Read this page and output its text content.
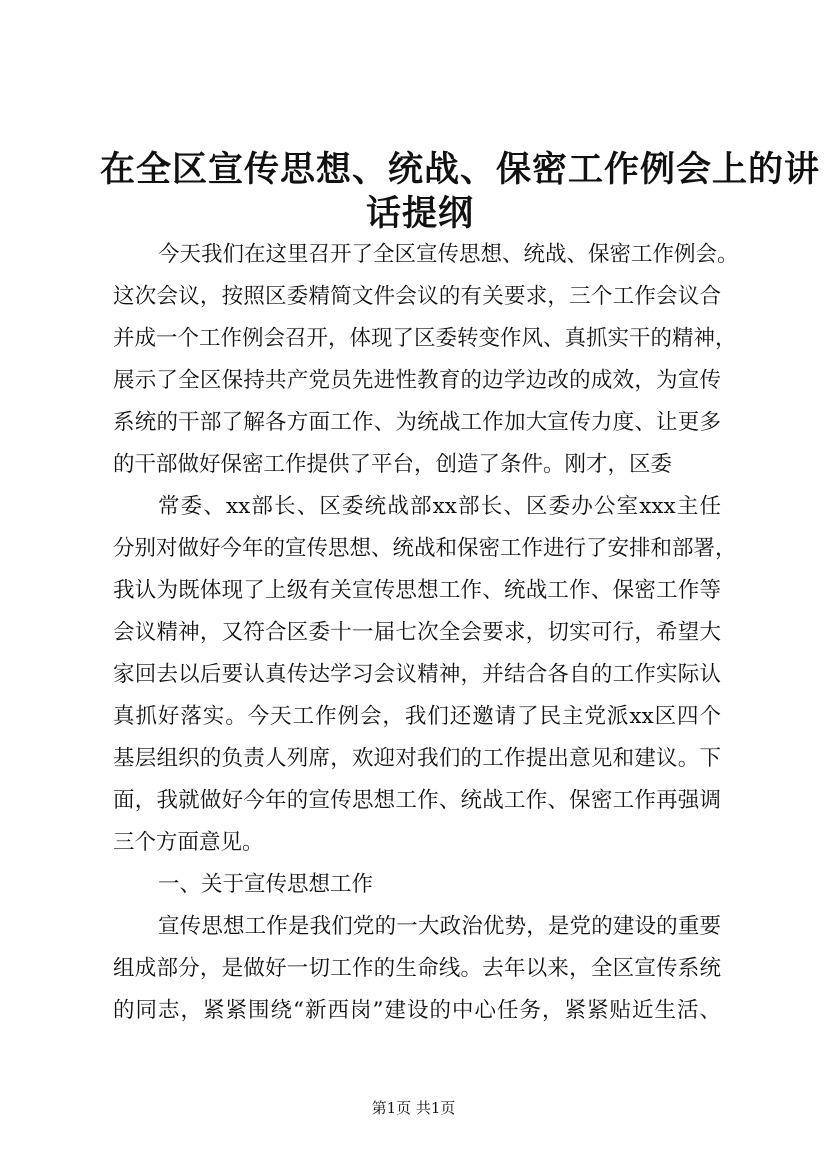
在全区宣传思想、统战、保密工作例会上的讲
话提纲
今天我们在这里召开了全区宣传思想、统战、保密工作例会。
这次会议，按照区委精简文件会议的有关要求，三个工作会议合
并成一个工作例会召开，体现了区委转变作风、真抓实干的精神，
展示了全区保持共产党员先进性教育的边学边改的成效，为宣传
系统的干部了解各方面工作、为统战工作加大宣传力度、让更多
的干部做好保密工作提供了平台，创造了条件。刚才，区委
常委、xx部长、区委统战部xx部长、区委办公室xxx主任
分别对做好今年的宣传思想、统战和保密工作进行了安排和部署，
我认为既体现了上级有关宣传思想工作、统战工作、保密工作等
会议精神，又符合区委十一届七次全会要求，切实可行，希望大
家回去以后要认真传达学习会议精神，并结合各自的工作实际认
真抓好落实。今天工作例会，我们还邀请了民主党派xx区四个
基层组织的负责人列席，欢迎对我们的工作提出意见和建议。下
面，我就做好今年的宣传思想工作、统战工作、保密工作再强调
三个方面意见。
一、关于宣传思想工作
宣传思想工作是我们党的一大政治优势，是党的建设的重要
组成部分，是做好一切工作的生命线。去年以来，全区宣传系统
的同志，紧紧围绕“新西岗”建设的中心任务，紧紧贴近生活、
第1页 共1页
